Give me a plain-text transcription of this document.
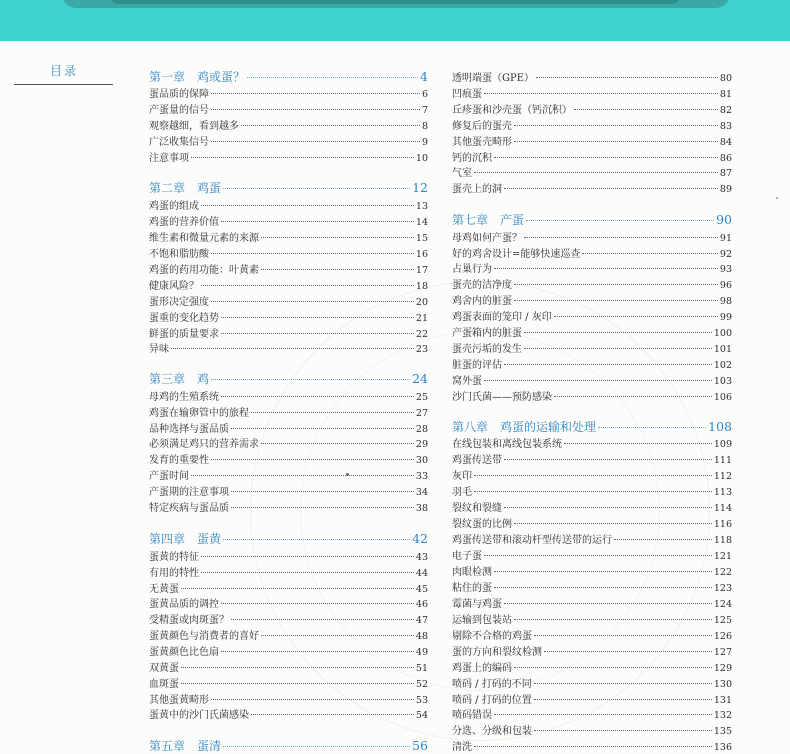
目录	第一章　鸡或蛋？	4
蛋品质的保障	6
产蛋量的信号	7
观察越细，看到越多	8
广泛收集信号	9
注意事项	10
第二章　鸡蛋	12
鸡蛋的组成	13
鸡蛋的营养价值	14
维生素和微量元素的来源	15
不饱和脂肪酸	16
鸡蛋的药用功能：叶黄素	17
健康风险？	18
蛋形决定强度	20
蛋重的变化趋势	21
鲜蛋的质量要求	22
异味	23
第三章　鸡	24
母鸡的生殖系统	25
鸡蛋在输卵管中的旅程	27
品种选择与蛋品质	28
必须满足鸡只的营养需求	29
发育的重要性	30
产蛋时间	33
产蛋期的注意事项	34
特定疾病与蛋品质	38
第四章　蛋黄	42
蛋黄的特征	43
有用的特性	44
无黄蛋	45
蛋黄品质的调控	46
受精蛋或肉斑蛋？	47
蛋黄颜色与消费者的喜好	48
蛋黄颜色比色扇	49
双黄蛋	51
血斑蛋	52
其他蛋黄畸形	53
蛋黄中的沙门氏菌感染	54
第五章　蛋清	56
透明端蛋（GPE）	80
凹痕蛋	81
丘疹蛋和沙壳蛋（钙沉积）	82
修复后的蛋壳	83
其他蛋壳畸形	84
钙的沉积	86
气室	87
蛋壳上的洞	89
第七章　产蛋	90
母鸡如何产蛋？	91
好的鸡舍设计=能够快速巡查	92
占巢行为	93
蛋壳的洁净度	96
鸡舍内的脏蛋	98
鸡蛋表面的笼印 / 灰印	99
产蛋箱内的脏蛋	100
蛋壳污垢的发生	101
脏蛋的评估	102
窝外蛋	103
沙门氏菌——预防感染	106
第八章　鸡蛋的运输和处理	108
在线包装和离线包装系统	109
鸡蛋传送带	111
灰印	112
羽毛	113
裂纹和裂缝	114
裂纹蛋的比例	116
鸡蛋传送带和滚动杆型传送带的运行	118
电子蛋	121
肉眼检测	122
粘住的蛋	123
霉菌与鸡蛋	124
运输到包装站	125
剔除不合格的鸡蛋	126
蛋的方向和裂纹检测	127
鸡蛋上的编码	129
喷码 / 打码的不同	130
喷码 / 打码的位置	131
喷码错误	132
分选、分级和包装	135
清洗	136
